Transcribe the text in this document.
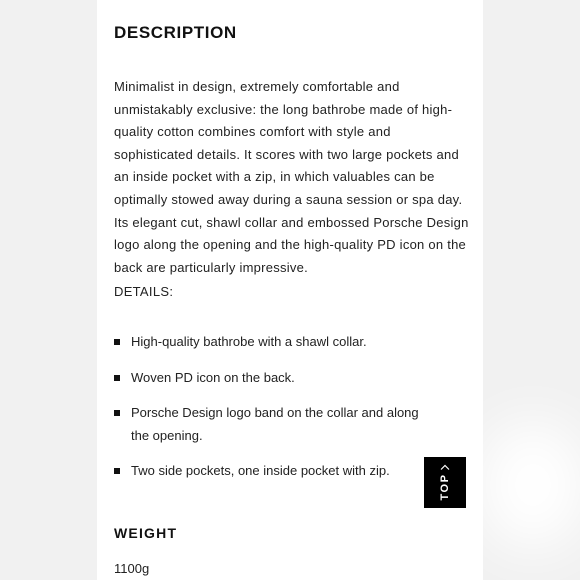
DESCRIPTION

Minimalist in design, extremely comfortable and unmistakably exclusive: the long bathrobe made of high-quality cotton combines comfort with style and sophisticated details. It scores with two large pockets and an inside pocket with a zip, in which valuables can be optimally stowed away during a sauna session or spa day. Its elegant cut, shawl collar and embossed Porsche Design logo along the opening and the high-quality PD icon on the back are particularly impressive.

DETAILS:
High-quality bathrobe with a shawl collar.
Woven PD icon on the back.
Porsche Design logo band on the collar and along the opening.
Two side pockets, one inside pocket with zip.
WEIGHT
1100g
TOP
